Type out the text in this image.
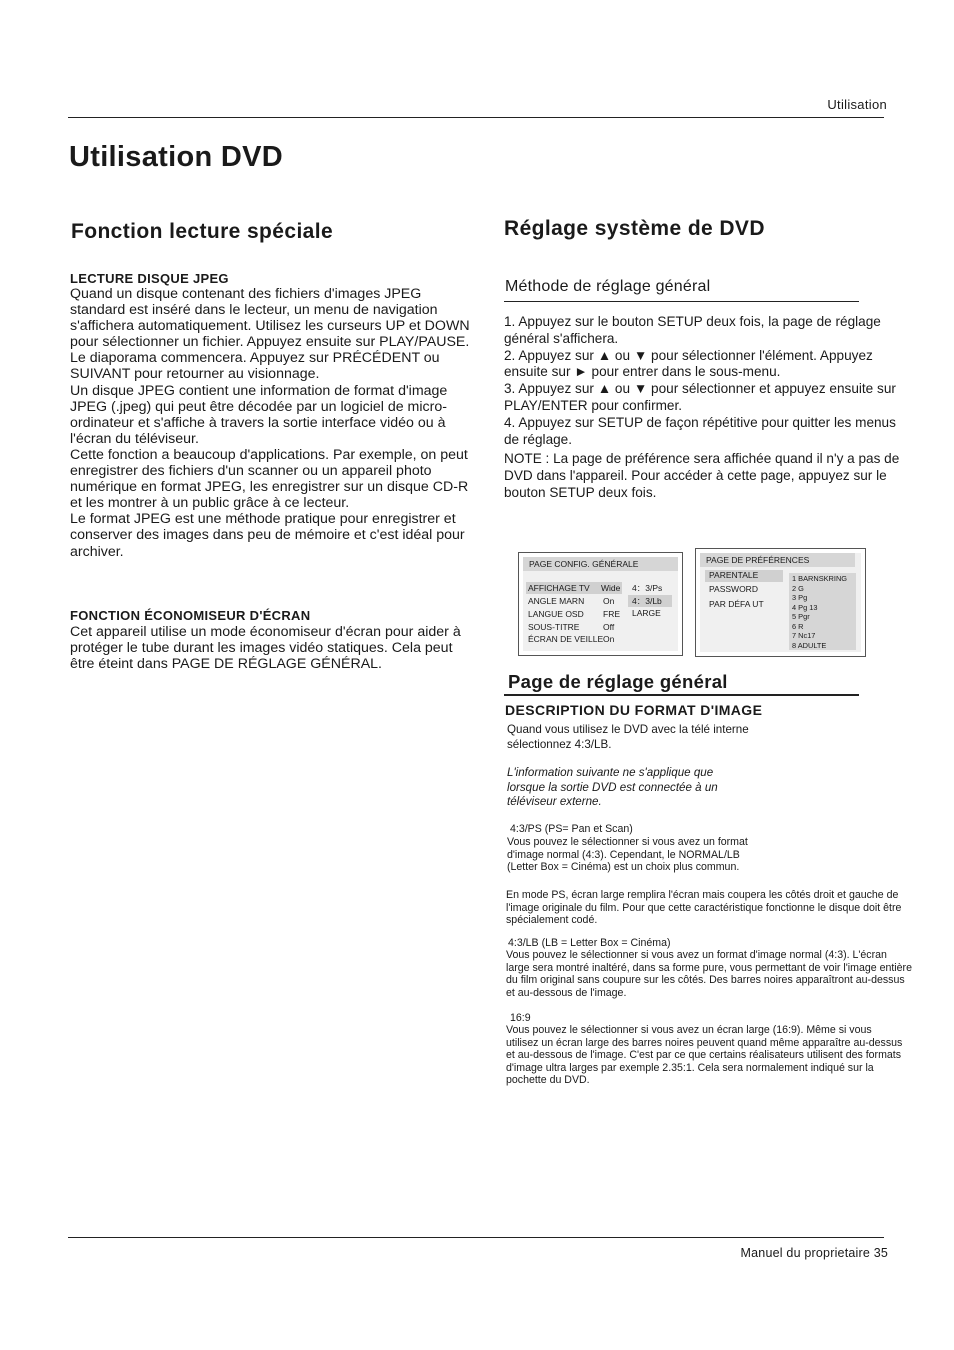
Utilisation
Utilisation DVD
Fonction lecture spéciale
LECTURE DISQUE JPEG

Quand un disque contenant des fichiers d'images JPEG standard est inséré dans le lecteur, un menu de navigation s'affichera automatiquement. Utilisez les curseurs UP et DOWN pour sélectionner un fichier. Appuyez ensuite sur PLAY/PAUSE. Le diaporama commencera. Appuyez sur PRÉCÉDENT ou SUIVANT pour retourner au visionnage.

Un disque JPEG contient une information de format d'image JPEG (.jpeg) qui peut être décodée par un logiciel de micro-ordinateur et s'affiche à travers la sortie interface vidéo ou à l'écran du téléviseur.

Cette fonction a beaucoup d'applications. Par exemple, on peut enregistrer des fichiers d'un scanner ou un appareil photo numérique en format JPEG, les enregistrer sur un disque CD-R et les montrer à un public grâce à ce lecteur.

Le format JPEG est une méthode pratique pour enregistrer et conserver des images dans peu de mémoire et c'est idéal pour archiver.

FONCTION ÉCONOMISEUR D'ÉCRAN

Cet appareil utilise un mode économiseur d'écran pour aider à protéger le tube durant les images vidéo statiques. Cela peut être éteint dans PAGE DE RÉGLAGE GÉNÉRAL.

Réglage système de DVD
Méthode de réglage général

1. Appuyez sur le bouton SETUP deux fois, la page de réglage général s'affichera.

2. Appuyez sur ▲ ou ▼ pour sélectionner l'élément. Appuyez ensuite sur ► pour entrer dans le sous-menu.

3. Appuyez sur ▲ ou ▼ pour sélectionner et appuyez ensuite sur PLAY/ENTER pour confirmer.

4. Appuyez sur SETUP de façon répétitive pour quitter les menus de réglage.

NOTE : La page de préférence sera affichée quand il n'y a pas de DVD dans l'appareil. Pour accéder à cette page, appuyez sur le bouton SETUP deux fois.

PAGE CONFIG. GÉNÉRALE
AFFICHAGE TV Wide
ANGLE MARN On
LANGUE OSD FRE
SOUS-TITRE	Off
ÉCRAN DE VEILLE On
4：3/Ps
4：3/Lb
LARGE
PAGE DE PRÉFÉRENCES
PARENTALE
PASSWORD
PAR DÉFA UT
1 BARNSKRING
2 G
3 Pg
4 Pg 13
5 Pgr
6 R
7 Nc17
8 ADULTE
Page de réglage général
DESCRIPTION DU FORMAT D'IMAGE
Quand vous utilisez le DVD avec la télé interne sélectionnez 4:3/LB.
L'information suivante ne s'applique que lorsque la sortie DVD est connectée à un téléviseur externe.
4:3/PS (PS= Pan et Scan)
Vous pouvez le sélectionner si vous avez un format d'image normal (4:3). Cependant, le NORMAL/LB (Letter Box = Cinéma) est un choix plus commun.
En mode PS, écran large remplira l'écran mais coupera les côtés droit et gauche de l'image originale du film. Pour que cette caractéristique fonctionne le disque doit être spécialement codé.
4:3/LB (LB = Letter Box = Cinéma)
Vous pouvez le sélectionner si vous avez un format d'image normal (4:3). L'écran large sera montré inaltéré, dans sa forme pure, vous permettant de voir l'image entière du film original sans coupure sur les côtés. Des barres noires apparaîtront au-dessus et au-dessous de l'image.
16:9
Vous pouvez le sélectionner si vous avez un écran large (16:9). Même si vous utilisez un écran large des barres noires peuvent quand même apparaître au-dessus et au-dessous de l'image. C'est par ce que certains réalisateurs utilisent des formats d'image ultra larges par exemple 2.35:1. Cela sera normalement indiqué sur la pochette du DVD.
Manuel du proprietaire 35
